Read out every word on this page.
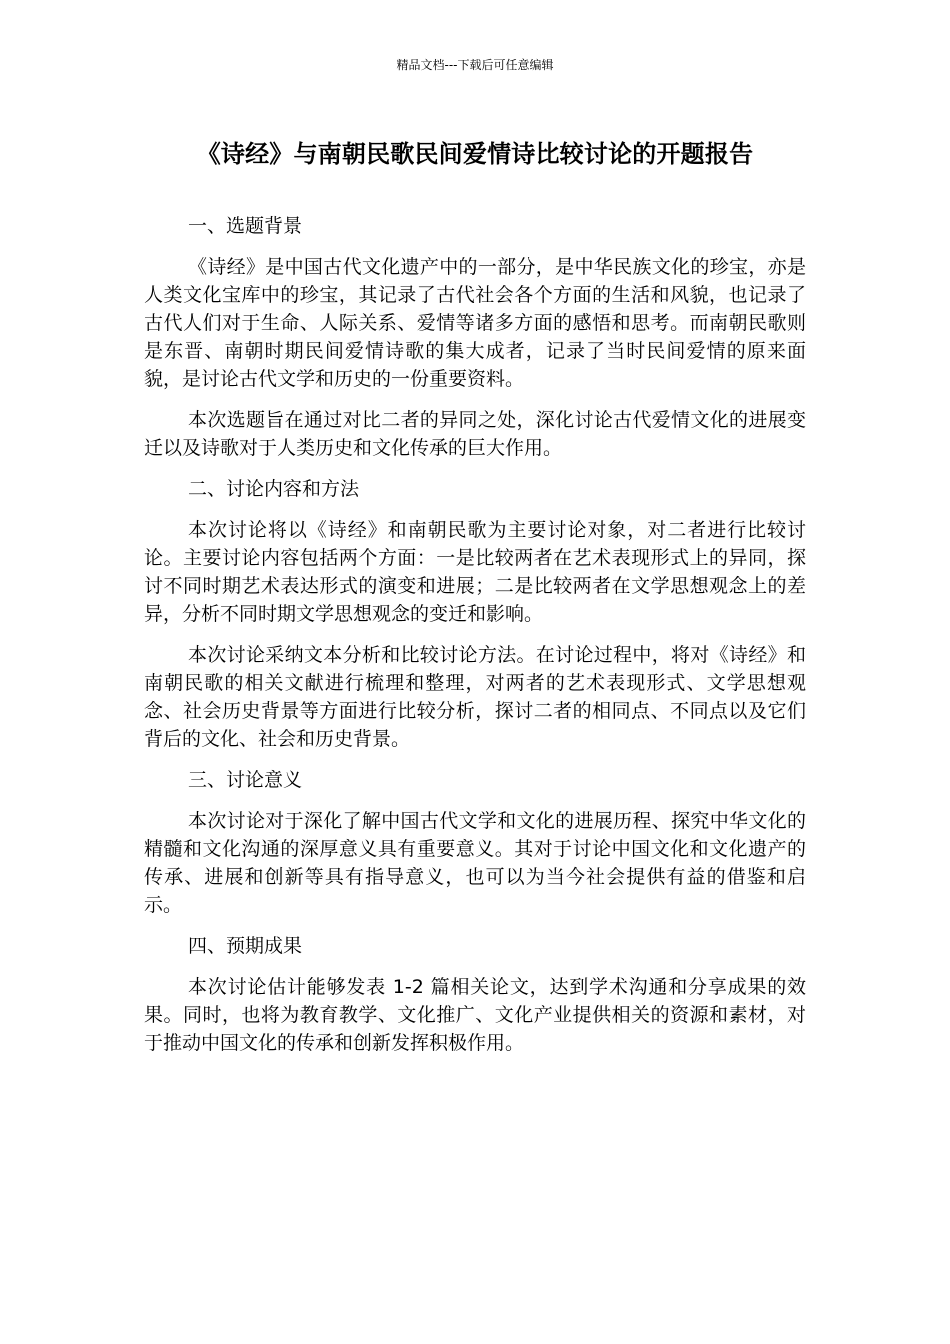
精品文档---下载后可任意编辑
《诗经》与南朝民歌民间爱情诗比较讨论的开题报告
一、选题背景
《诗经》是中国古代文化遗产中的一部分，是中华民族文化的珍宝，亦是人类文化宝库中的珍宝，其记录了古代社会各个方面的生活和风貌，也记录了古代人们对于生命、人际关系、爱情等诸多方面的感悟和思考。而南朝民歌则是东晋、南朝时期民间爱情诗歌的集大成者，记录了当时民间爱情的原来面貌，是讨论古代文学和历史的一份重要资料。
本次选题旨在通过对比二者的异同之处，深化讨论古代爱情文化的进展变迁以及诗歌对于人类历史和文化传承的巨大作用。
二、讨论内容和方法
本次讨论将以《诗经》和南朝民歌为主要讨论对象，对二者进行比较讨论。主要讨论内容包括两个方面：一是比较两者在艺术表现形式上的异同，探讨不同时期艺术表达形式的演变和进展；二是比较两者在文学思想观念上的差异，分析不同时期文学思想观念的变迁和影响。
本次讨论采纳文本分析和比较讨论方法。在讨论过程中，将对《诗经》和南朝民歌的相关文献进行梳理和整理，对两者的艺术表现形式、文学思想观念、社会历史背景等方面进行比较分析，探讨二者的相同点、不同点以及它们背后的文化、社会和历史背景。
三、讨论意义
本次讨论对于深化了解中国古代文学和文化的进展历程、探究中华文化的精髓和文化沟通的深厚意义具有重要意义。其对于讨论中国文化和文化遗产的传承、进展和创新等具有指导意义，也可以为当今社会提供有益的借鉴和启示。
四、预期成果
本次讨论估计能够发表 1-2 篇相关论文，达到学术沟通和分享成果的效果。同时，也将为教育教学、文化推广、文化产业提供相关的资源和素材，对于推动中国文化的传承和创新发挥积极作用。
